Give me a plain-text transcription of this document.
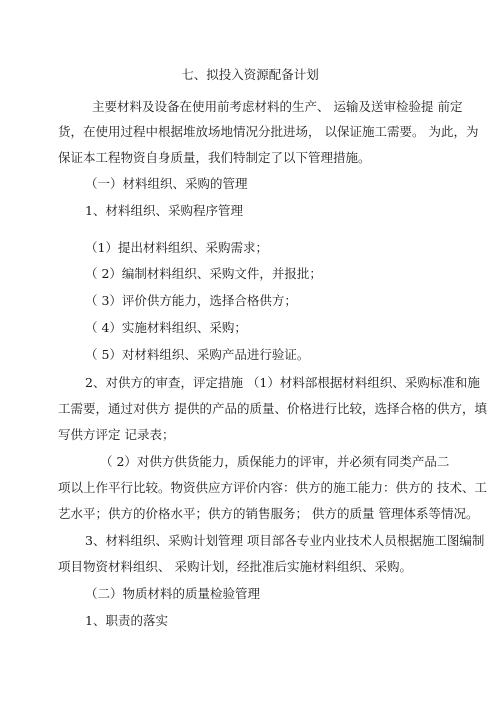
七、拟投入资源配备计划
主要材料及设备在使用前考虑材料的生产、 运输及送审检验提 前定
货，在使用过程中根据堆放场地情况分批进场， 以保证施工需要。 为此，为
保证本工程物资自身质量，我们特制定了以下管理措施。
（一）材料组织、采购的管理
1、材料组织、采购程序管理
（1）提出材料组织、采购需求；
（ 2）编制材料组织、采购文件，并报批；
（ 3）评价供方能力，选择合格供方；
（ 4）实施材料组织、采购；
（ 5）对材料组织、采购产品进行验证。
2、对供方的审查，评定措施 （1）材料部根据材料组织、采购标准和施
工需要，通过对供方 提供的产品的质量、价格进行比较，选择合格的供方，填
写供方评定 记录表；
（ 2）对供方供货能力，质保能力的评审，并必须有同类产品二
项以上作平行比较。物资供应方评价内容：供方的施工能力：供方的 技术、工
艺水平；供方的价格水平；供方的销售服务； 供方的质量 管理体系等情况。
3、材料组织、采购计划管理 项目部各专业内业技术人员根据施工图编制
项目物资材料组织、 采购计划，经批准后实施材料组织、采购。
（二）物质材料的质量检验管理
1、职责的落实
